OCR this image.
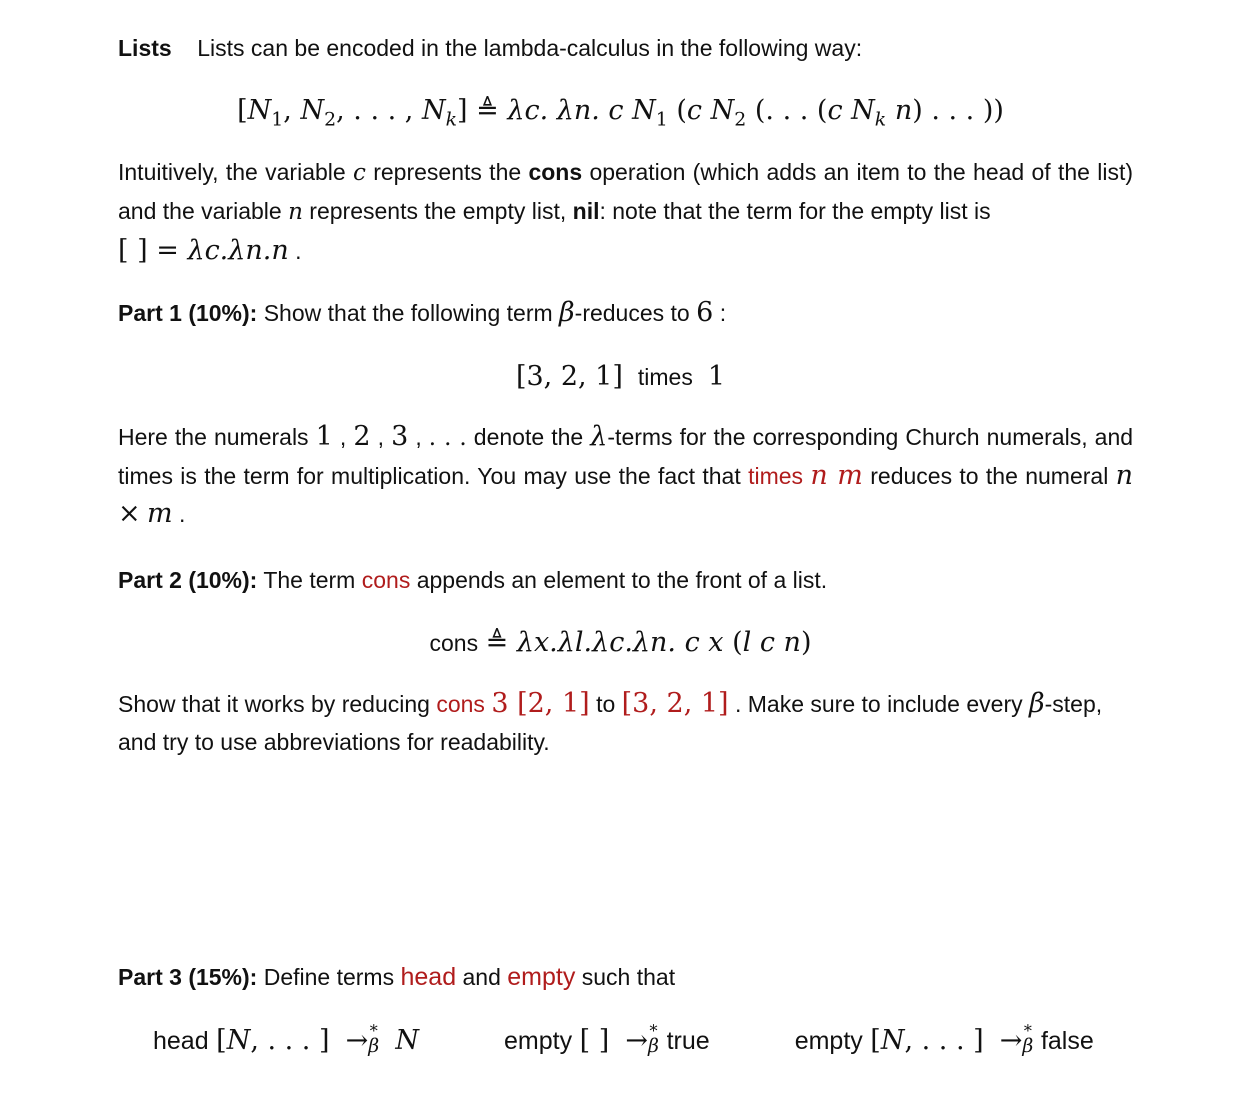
Lists Lists can be encoded in the lambda-calculus in the following way:
[$N_1$, $N_2$, . . . , $N_k$] ≜ λc. λn. c $N_1$ (c $N_2$ (. . . (c $N_k$ n) . . . ))
Intuitively, the variable c represents the cons operation (which adds an item to the head of the list) and the variable n represents the empty list, nil: note that the term for the empty list is
[ ] = λc.λn.n .
Part 1 (10%): Show that the following term β-reduces to 6 :
[3, 2, 1] times 1
Here the numerals 1 , 2 , 3 , . . . denote the λ-terms for the corresponding Church numerals, and times is the term for multiplication. You may use the fact that times n m reduces to the numeral n × m .
Part 2 (10%): The term cons appends an element to the front of a list.
cons ≜ λx.λl.λc.λn. c x (l c n)
Show that it works by reducing cons 3 [2, 1] to [3, 2, 1] . Make sure to include every β-step, and try to use abbreviations for readability.
Part 3 (15%): Define terms head and empty such that
head [N, . . . ]  → ∗
β N	empty [ ]  → ∗
β true	empty [N, . . . ]  → ∗
β false
